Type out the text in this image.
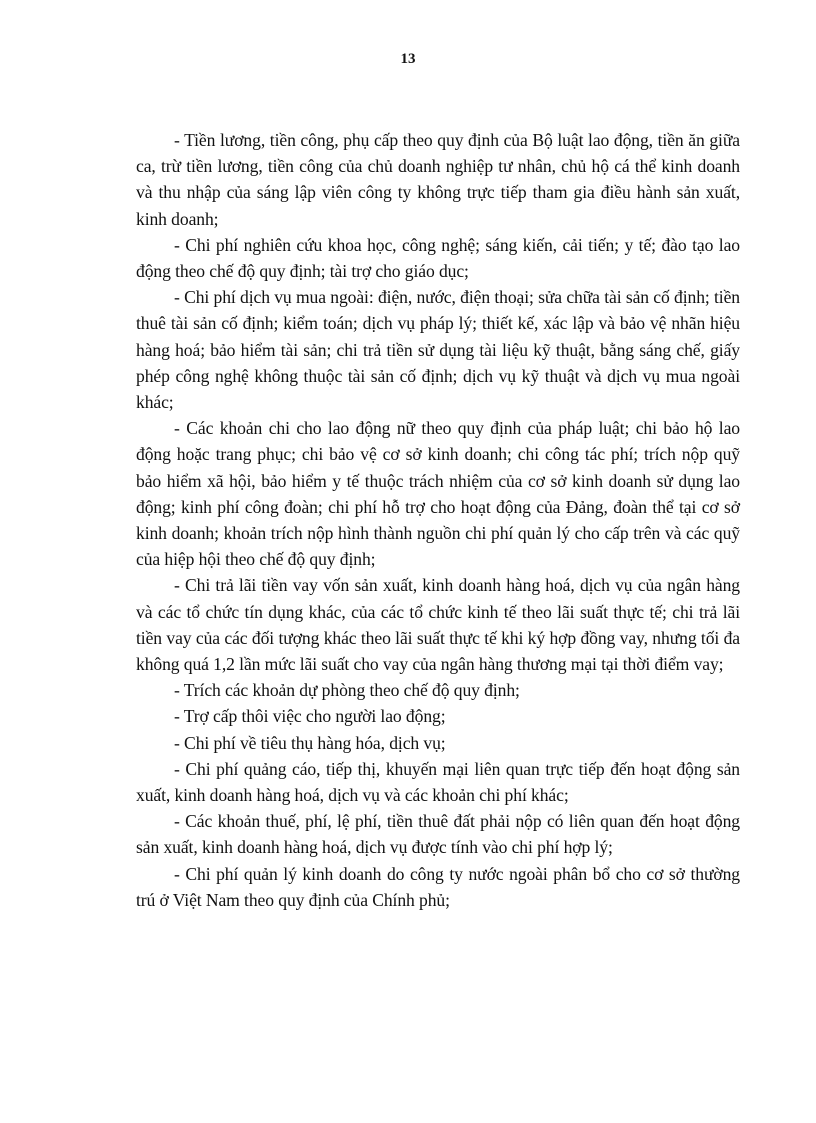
13

- Tiền lương, tiền công, phụ cấp theo quy định của Bộ luật lao động, tiền ăn giữa ca, trừ tiền lương, tiền công của chủ doanh nghiệp tư nhân, chủ hộ cá thể kinh doanh và thu nhập của sáng lập viên công ty không trực tiếp tham gia điều hành sản xuất, kinh doanh;

- Chi phí nghiên cứu khoa học, công nghệ; sáng kiến, cải tiến; y tế; đào tạo lao động theo chế độ quy định; tài trợ cho giáo dục;

- Chi phí dịch vụ mua ngoài: điện, nước, điện thoại; sửa chữa tài sản cố định; tiền thuê tài sản cố định; kiểm toán; dịch vụ pháp lý; thiết kế, xác lập và bảo vệ nhãn hiệu hàng hoá; bảo hiểm tài sản; chi trả tiền sử dụng tài liệu kỹ thuật, bằng sáng chế, giấy phép công nghệ không thuộc tài sản cố định; dịch vụ kỹ thuật và dịch vụ mua ngoài khác;

- Các khoản chi cho lao động nữ theo quy định của pháp luật; chi bảo hộ lao động hoặc trang phục; chi bảo vệ cơ sở kinh doanh; chi công tác phí; trích nộp quỹ bảo hiểm xã hội, bảo hiểm y tế thuộc trách nhiệm của cơ sở kinh doanh sử dụng lao động; kinh phí công đoàn; chi phí hỗ trợ cho hoạt động của Đảng, đoàn thể tại cơ sở kinh doanh; khoản trích nộp hình thành nguồn chi phí quản lý cho cấp trên và các quỹ của hiệp hội theo chế độ quy định;

- Chi trả lãi tiền vay vốn sản xuất, kinh doanh hàng hoá, dịch vụ của ngân hàng và các tổ chức tín dụng khác, của các tổ chức kinh tế theo lãi suất thực tế; chi trả lãi tiền vay của các đối tượng khác theo lãi suất thực tế khi ký hợp đồng vay, nhưng tối đa không quá 1,2 lần mức lãi suất cho vay của ngân hàng thương mại tại thời điểm vay;

- Trích các khoản dự phòng theo chế độ quy định;

- Trợ cấp thôi việc cho người lao động;

- Chi phí về tiêu thụ hàng hóa, dịch vụ;

- Chi phí quảng cáo, tiếp thị, khuyến mại liên quan trực tiếp đến hoạt động sản xuất, kinh doanh hàng hoá, dịch vụ và các khoản chi phí khác;

- Các khoản thuế, phí, lệ phí, tiền thuê đất phải nộp có liên quan đến hoạt động sản xuất, kinh doanh hàng hoá, dịch vụ được tính vào chi phí hợp lý;

- Chi phí quản lý kinh doanh do công ty nước ngoài phân bổ cho cơ sở thường trú ở Việt Nam theo quy định của Chính phủ;
